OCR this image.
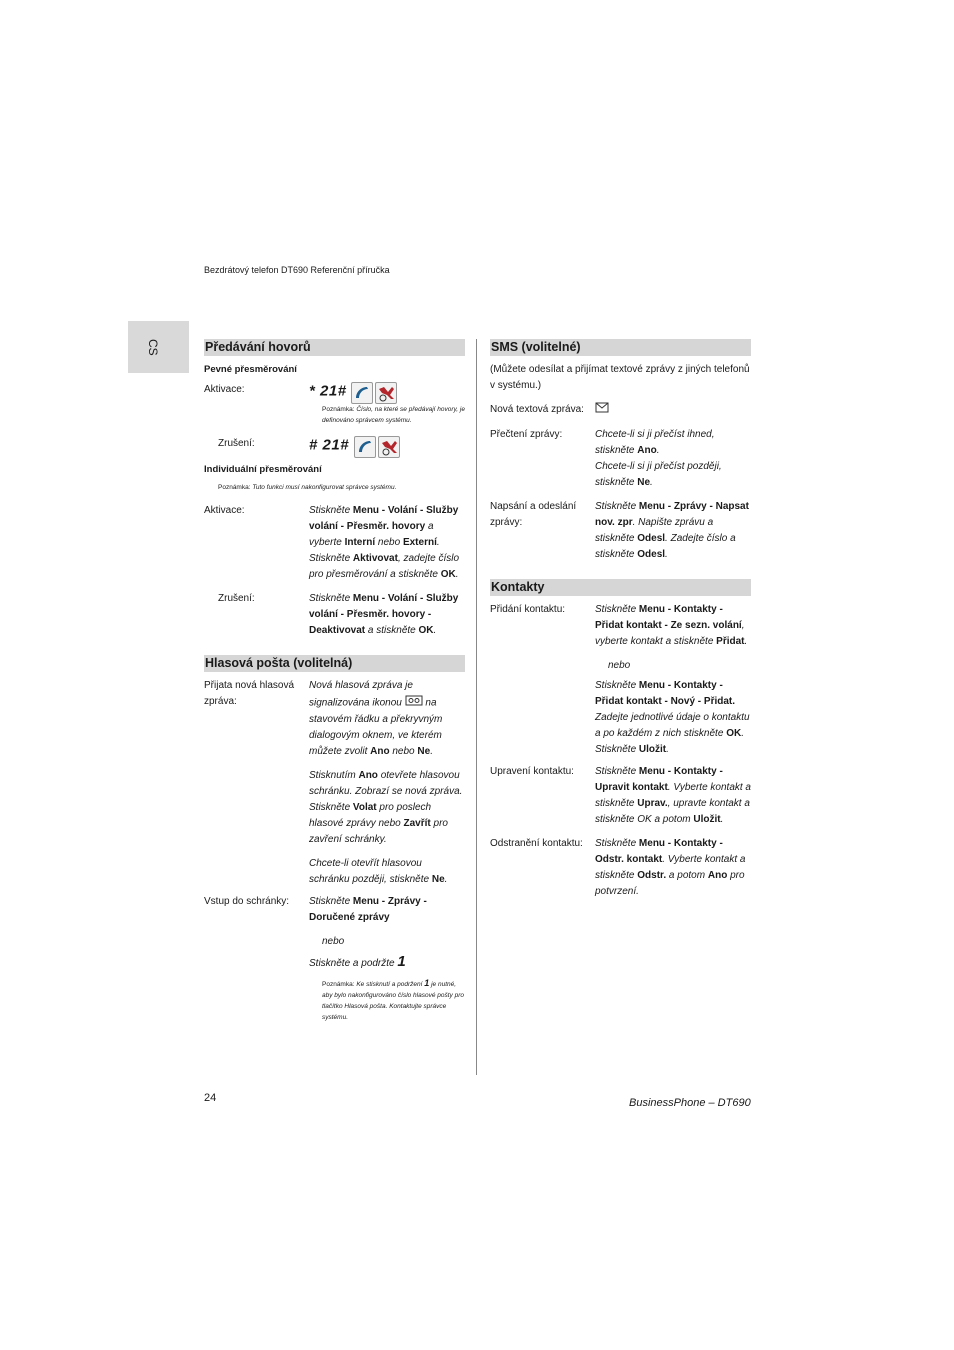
Bezdrátový telefon DT690 Referenční příručka
CS	Předávání hovorů
Pevné přesměrování
Aktivace:	* 21#
Poznámka: Číslo, na které se předávají hovory, je definováno správcem systému.
Zrušení:	# 21#
Individuální přesměrování
Poznámka: Tuto funkci musí nakonfigurovat správce systému.
Aktivace:	Stiskněte Menu - Volání - Služby volání - Přesměr. hovory a vyberte Interní nebo Externí. Stiskněte Aktivovat, zadejte číslo pro přesměrování a stiskněte OK.
Zrušení:	Stiskněte Menu - Volání - Služby volání - Přesměr. hovory - Deaktivovat a stiskněte OK.
Hlasová pošta (volitelná)
Přijata nová hlasová zpráva:
Nová hlasová zpráva je signalizována ikonou  na stavovém řádku a překryvným dialogovým oknem, ve kterém můžete zvolit Ano nebo Ne.
Stisknutím Ano otevřete hlasovou schránku. Zobrazí se nová zpráva. Stiskněte Volat pro poslech hlasové zprávy nebo Zavřít pro zavření schránky.
Chcete-li otevřít hlasovou schránku později, stiskněte Ne.
Vstup do schránky:	Stiskněte Menu - Zprávy - Doručené zprávy
nebo
Stiskněte a podržte 1
Poznámka: Ke stisknutí a podržení 1 je nutné, aby bylo nakonfigurováno číslo hlasové pošty pro tlačítko Hlasová pošta. Kontaktujte správce systému.
SMS (volitelné)
(Můžete odesílat a přijímat textové zprávy z jiných telefonů v systému.)
Nová textová zpráva:
Přečtení zprávy:	Chcete-li si ji přečíst ihned, stiskněte Ano.
Chcete-li si ji přečíst později, stiskněte Ne.
Napsání a odeslání zprávy:
Stiskněte Menu - Zprávy - Napsat nov. zpr. Napište zprávu a stiskněte Odesl. Zadejte číslo a stiskněte Odesl.
Kontakty
Přidání kontaktu:	Stiskněte Menu - Kontakty - Přidat kontakt - Ze sezn. volání, vyberte kontakt a stiskněte Přidat.
nebo
Stiskněte Menu - Kontakty - Přidat kontakt - Nový - Přidat. Zadejte jednotlivé údaje o kontaktu a po každém z nich stiskněte OK. Stiskněte Uložit.
Upravení kontaktu:	Stiskněte Menu - Kontakty - Upravit kontakt. Vyberte kontakt a stiskněte Uprav., upravte kontakt a stiskněte OK a potom Uložit.
Odstranění kontaktu:	Stiskněte Menu - Kontakty - Odstr. kontakt. Vyberte kontakt a stiskněte Odstr. a potom Ano pro potvrzení.
24	BusinessPhone – DT690
